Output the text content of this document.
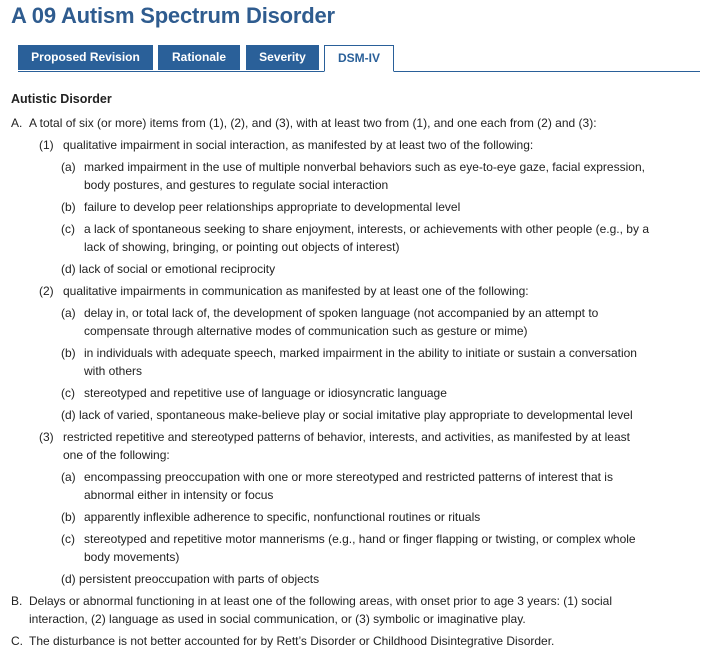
A 09 Autism Spectrum Disorder
Proposed Revision	Rationale	Severity	DSM-IV
Autistic Disorder
A. A total of six (or more) items from (1), (2), and (3), with at least two from (1), and one each from (2) and (3):
(1) qualitative impairment in social interaction, as manifested by at least two of the following:
(a) marked impairment in the use of multiple nonverbal behaviors such as eye-to-eye gaze, facial expression,
body postures, and gestures to regulate social interaction
(b) failure to develop peer relationships appropriate to developmental level
(c) a lack of spontaneous seeking to share enjoyment, interests, or achievements with other people (e.g., by a
lack of showing, bringing, or pointing out objects of interest)
(d) lack of social or emotional reciprocity
(2) qualitative impairments in communication as manifested by at least one of the following:
(a) delay in, or total lack of, the development of spoken language (not accompanied by an attempt to
compensate through alternative modes of communication such as gesture or mime)
(b) in individuals with adequate speech, marked impairment in the ability to initiate or sustain a conversation
with others
(c) stereotyped and repetitive use of language or idiosyncratic language
(d) lack of varied, spontaneous make-believe play or social imitative play appropriate to developmental level
(3) restricted repetitive and stereotyped patterns of behavior, interests, and activities, as manifested by at least
one of the following:
(a) encompassing preoccupation with one or more stereotyped and restricted patterns of interest that is
abnormal either in intensity or focus
(b) apparently inflexible adherence to specific, nonfunctional routines or rituals
(c) stereotyped and repetitive motor mannerisms (e.g., hand or finger flapping or twisting, or complex whole
body movements)
(d) persistent preoccupation with parts of objects
B. Delays or abnormal functioning in at least one of the following areas, with onset prior to age 3 years: (1) social
interaction, (2) language as used in social communication, or (3) symbolic or imaginative play.
C. The disturbance is not better accounted for by Rett’s Disorder or Childhood Disintegrative Disorder.
